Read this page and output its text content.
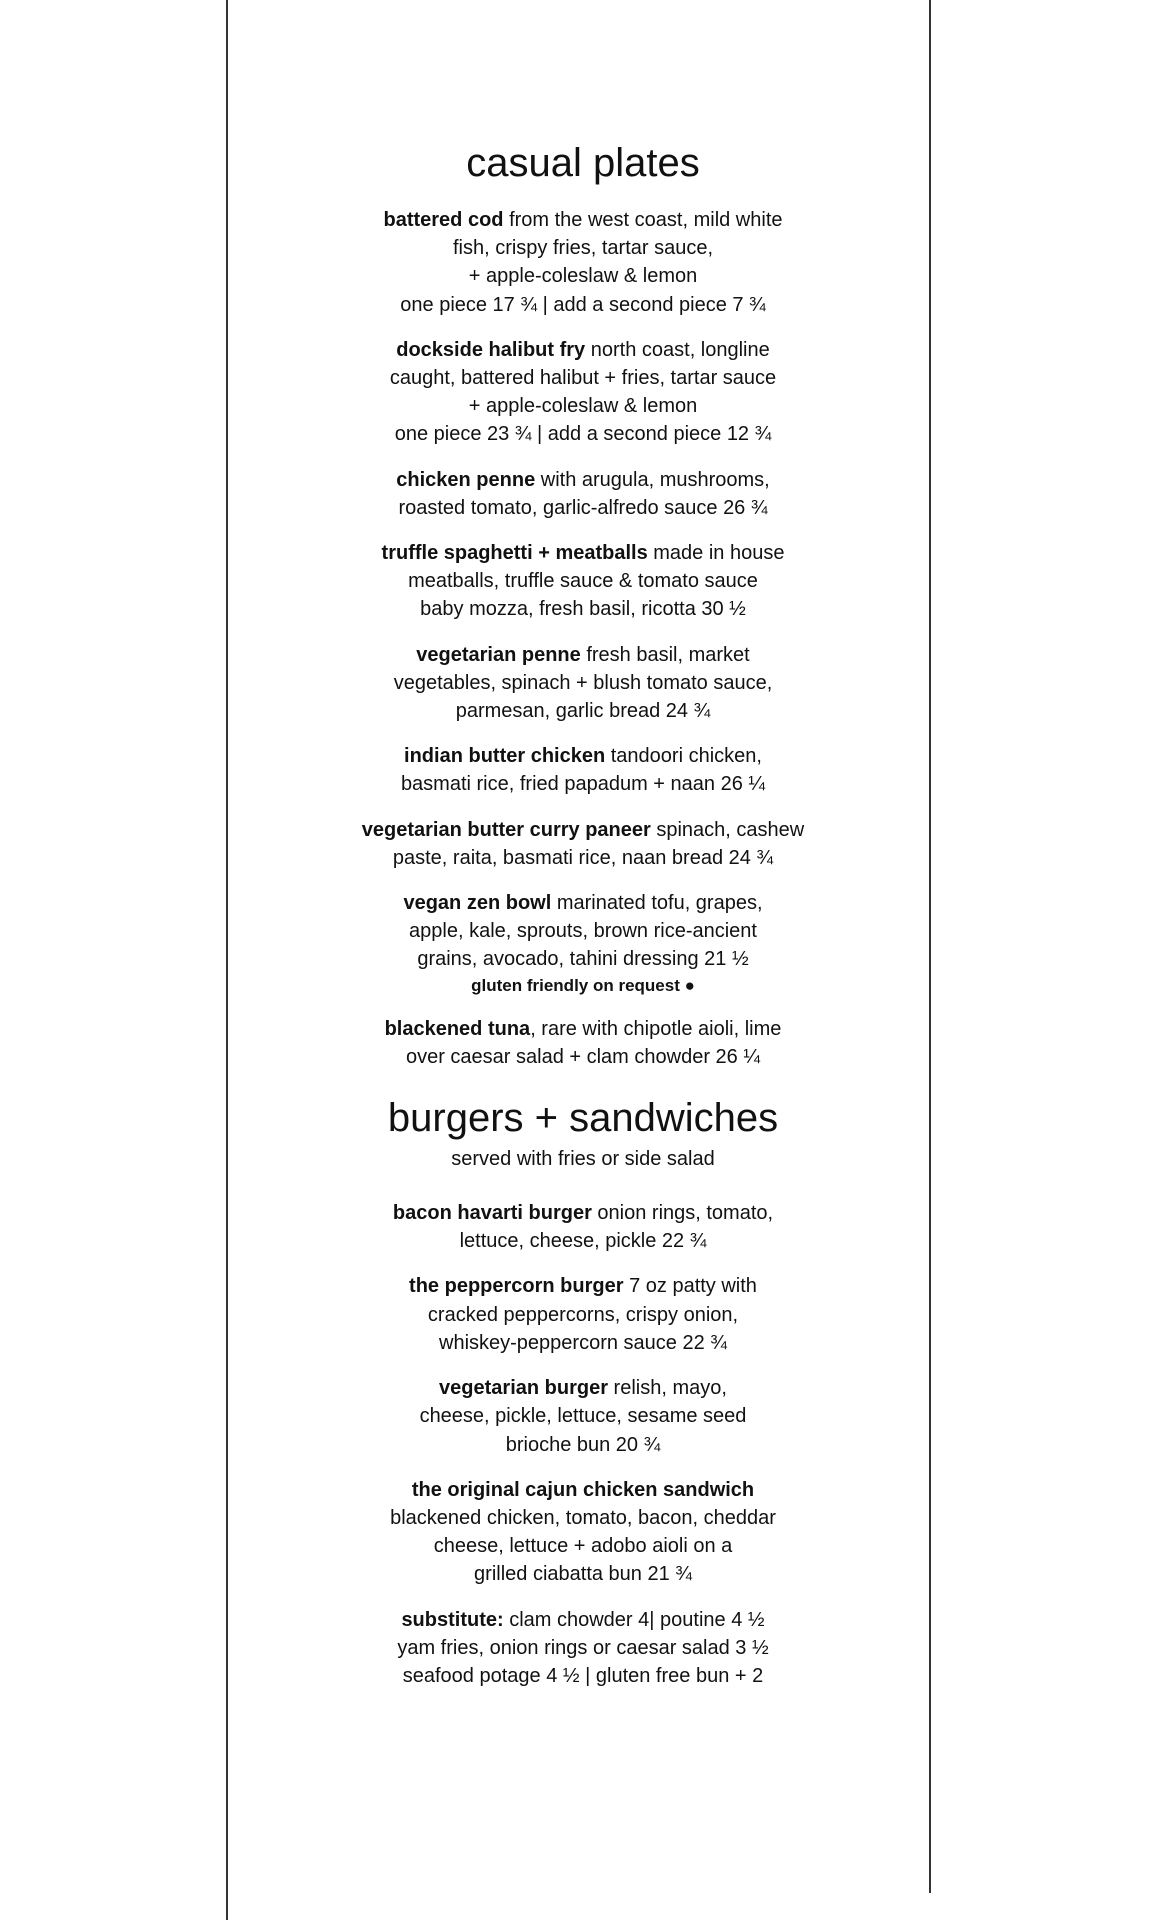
casual plates

battered cod from the west coast, mild white
fish, crispy fries, tartar sauce,
+ apple-coleslaw & lemon
one piece 17 ¾ | add a second piece 7 ¾

dockside halibut fry north coast, longline
caught, battered halibut + fries, tartar sauce
+ apple-coleslaw & lemon
one piece 23 ¾ | add a second piece 12 ¾

chicken penne with arugula, mushrooms,
roasted tomato, garlic-alfredo sauce 26 ¾

truffle spaghetti + meatballs made in house
meatballs, truffle sauce & tomato sauce
baby mozza, fresh basil, ricotta 30 ½

vegetarian penne fresh basil, market
vegetables, spinach + blush tomato sauce,
parmesan, garlic bread 24 ¾

indian butter chicken tandoori chicken,
basmati rice, fried papadum + naan 26 ¼

vegetarian butter curry paneer spinach, cashew
paste, raita, basmati rice, naan bread 24 ¾

vegan zen bowl marinated tofu, grapes,
apple, kale, sprouts, brown rice-ancient
grains, avocado, tahini dressing 21 ½
gluten friendly on request ●

blackened tuna, rare with chipotle aioli, lime
over caesar salad + clam chowder 26 ¼

burgers + sandwiches

served with fries or side salad

bacon havarti burger onion rings, tomato,
lettuce, cheese, pickle 22 ¾

the peppercorn burger 7 oz patty with
cracked peppercorns, crispy onion,
whiskey-peppercorn sauce 22 ¾

vegetarian burger relish, mayo,
cheese, pickle, lettuce, sesame seed
brioche bun 20 ¾

the original cajun chicken sandwich
blackened chicken, tomato, bacon, cheddar
cheese, lettuce + adobo aioli on a
grilled ciabatta bun 21 ¾

substitute: clam chowder 4| poutine 4 ½
yam fries, onion rings or caesar salad 3 ½
seafood potage 4 ½ | gluten free bun + 2
